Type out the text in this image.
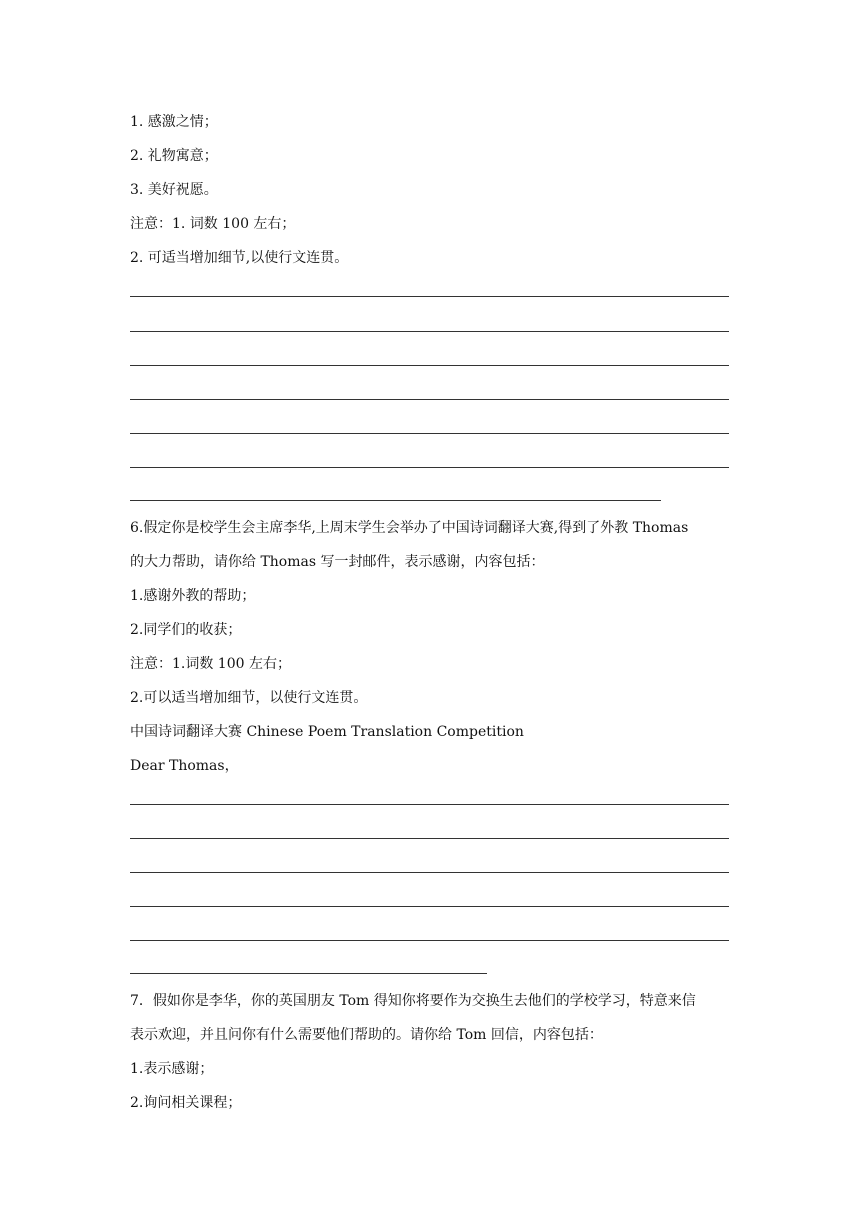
1. 感激之情；
2. 礼物寓意；
3. 美好祝愿。
注意：1. 词数 100 左右；
2. 可适当增加细节,以使行文连贯。
6.假定你是校学生会主席李华,上周末学生会举办了中国诗词翻译大赛,得到了外教 Thomas
的大力帮助，请你给 Thomas 写一封邮件，表示感谢，内容包括：
1.感谢外教的帮助；
2.同学们的收获；
注意：1.词数 100 左右；
2.可以适当增加细节，以使行文连贯。
中国诗词翻译大赛 Chinese Poem Translation Competition
Dear Thomas，
7．假如你是李华，你的英国朋友 Tom 得知你将要作为交换生去他们的学校学习，特意来信
表示欢迎，并且问你有什么需要他们帮助的。请你给 Tom 回信，内容包括：
1.表示感谢；
2.询问相关课程；
